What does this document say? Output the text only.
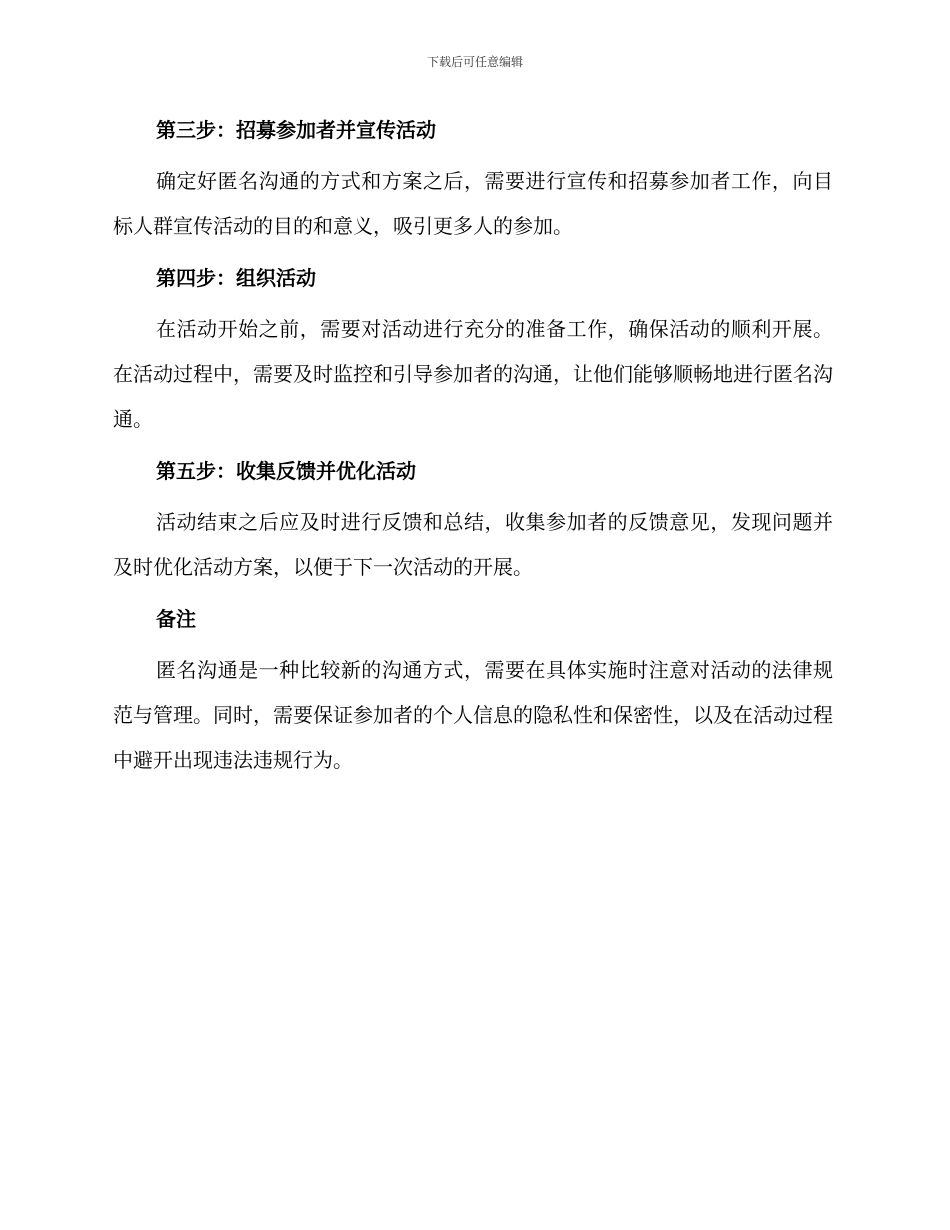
下载后可任意编辑
第三步：招募参加者并宣传活动

确定好匿名沟通的方式和方案之后，需要进行宣传和招募参加者工作，向目标人群宣传活动的目的和意义，吸引更多人的参加。

第四步：组织活动

在活动开始之前，需要对活动进行充分的准备工作，确保活动的顺利开展。在活动过程中，需要及时监控和引导参加者的沟通，让他们能够顺畅地进行匿名沟通。

第五步：收集反馈并优化活动

活动结束之后应及时进行反馈和总结，收集参加者的反馈意见，发现问题并及时优化活动方案，以便于下一次活动的开展。

备注

匿名沟通是一种比较新的沟通方式，需要在具体实施时注意对活动的法律规范与管理。同时，需要保证参加者的个人信息的隐私性和保密性，以及在活动过程中避开出现违法违规行为。
